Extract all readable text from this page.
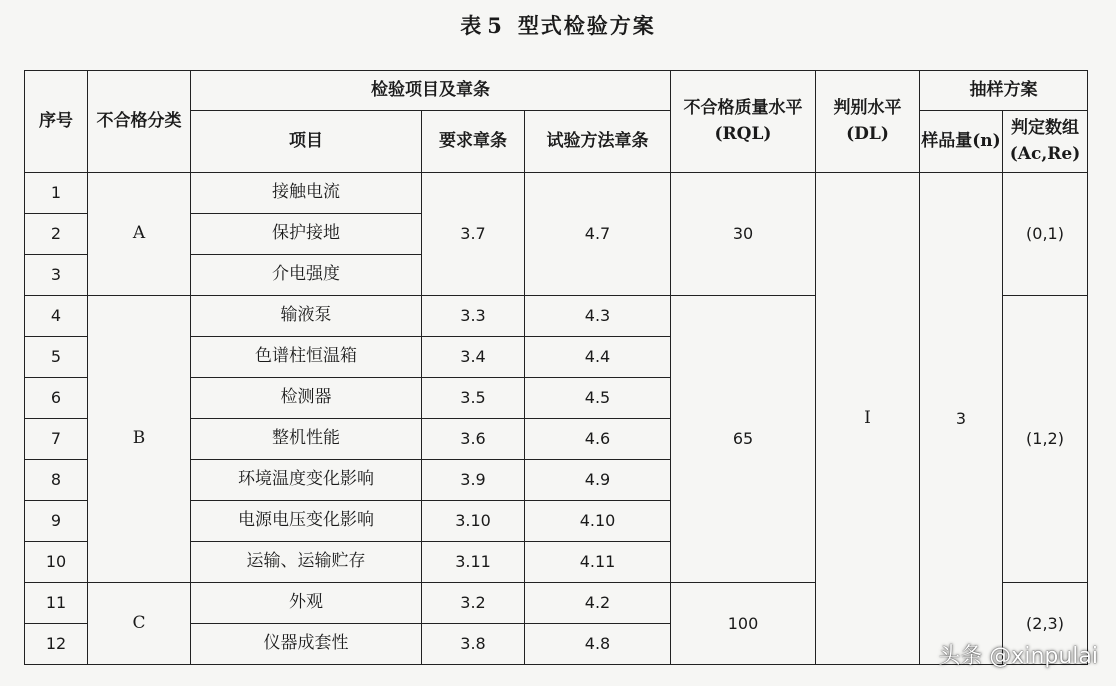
表 5 型式检验方案
序号	不合格分类	检验项目及章条			不合格质量水平(RQL)	判别水平(DL)	抽样方案	
		项目	要求章条	试验方法章条			样品量(n)	判定数组(Ac,Re)
1	A	接触电流	3.7	4.7	30	I	3	(0,1)
2		保护接地						
3		介电强度						
4	B	输液泵	3.3	4.3	65			(1,2)
5		色谱柱恒温箱	3.4	4.4				
6		检测器	3.5	4.5				
7		整机性能	3.6	4.6				
8		环境温度变化影响	3.9	4.9				
9		电源电压变化影响	3.10	4.10				
10		运输、运输贮存	3.11	4.11				
11	C	外观	3.2	4.2	100			(2,3)
12		仪器成套性	3.8	4.8				
头条 @xinpulai
